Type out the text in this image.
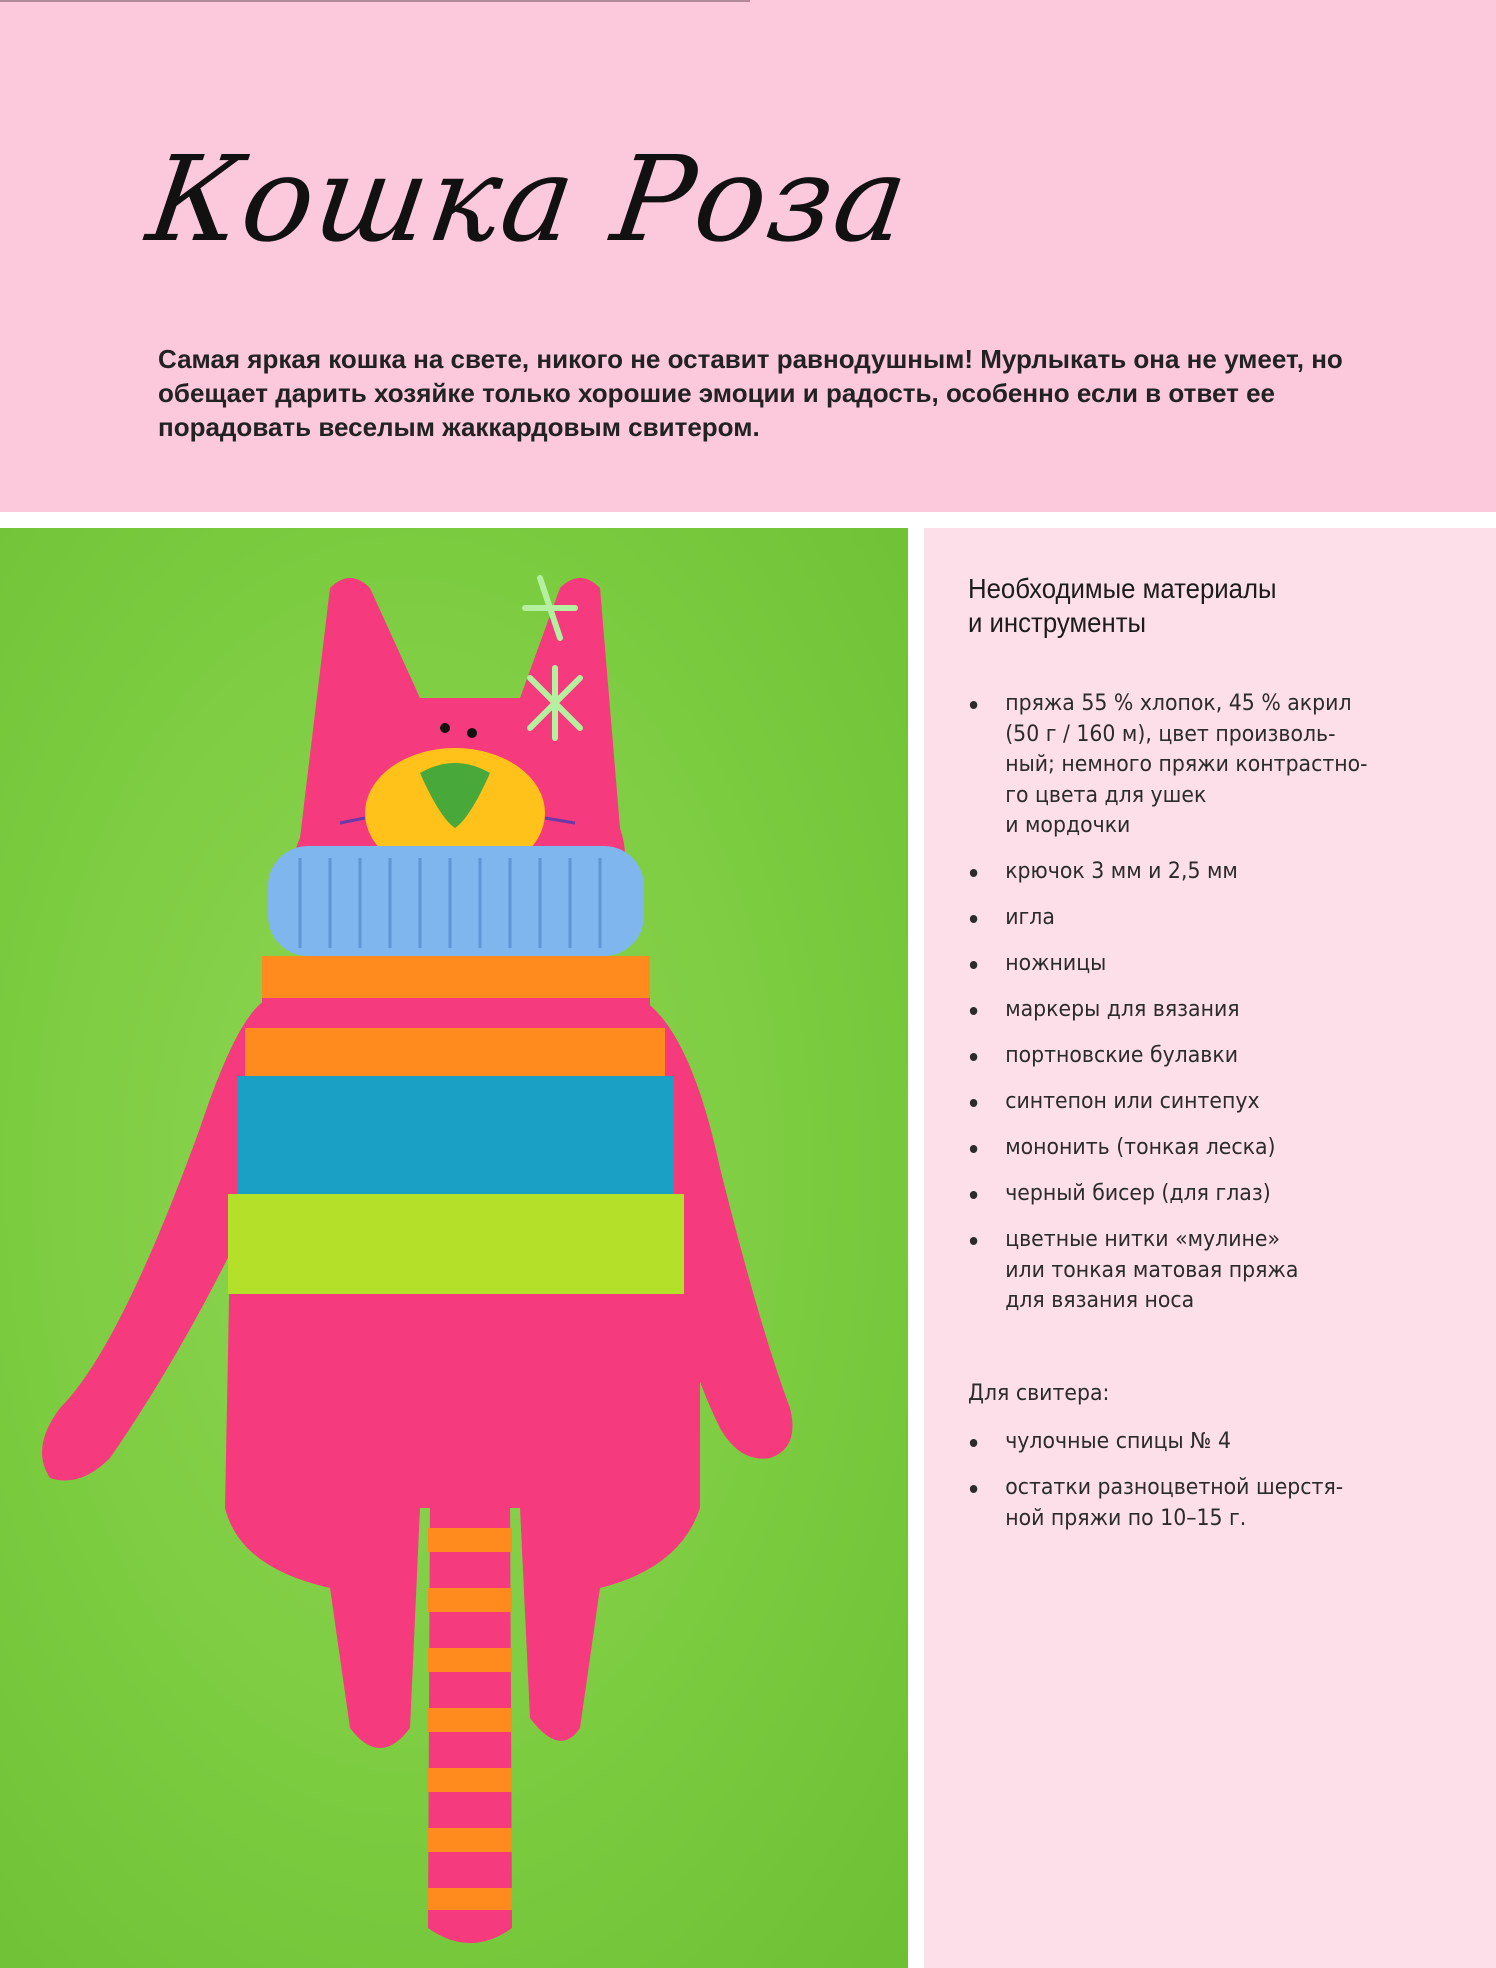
Кошка Роза
Самая яркая кошка на свете, никого не оставит равнодушным! Мурлыкать она не умеет, но обещает дарить хозяйке только хорошие эмоции и радость, особенно если в ответ ее порадовать веселым жаккардовым свитером.
Необходимые материалы
и инструменты
пряжа 55 % хлопок, 45 % акрил
(50 г / 160 м), цвет произволь-
ный; немного пряжи контрастно-
го цвета для ушек
и мордочки
крючок 3 мм и 2,5 мм
игла
ножницы
маркеры для вязания
портновские булавки
синтепон или синтепух
мононить (тонкая леска)
черный бисер (для глаз)
цветные нитки «мулине»
или тонкая матовая пряжа
для вязания носа
Для свитера:
чулочные спицы № 4
остатки разноцветной шерстя-
ной пряжи по 10–15 г.
